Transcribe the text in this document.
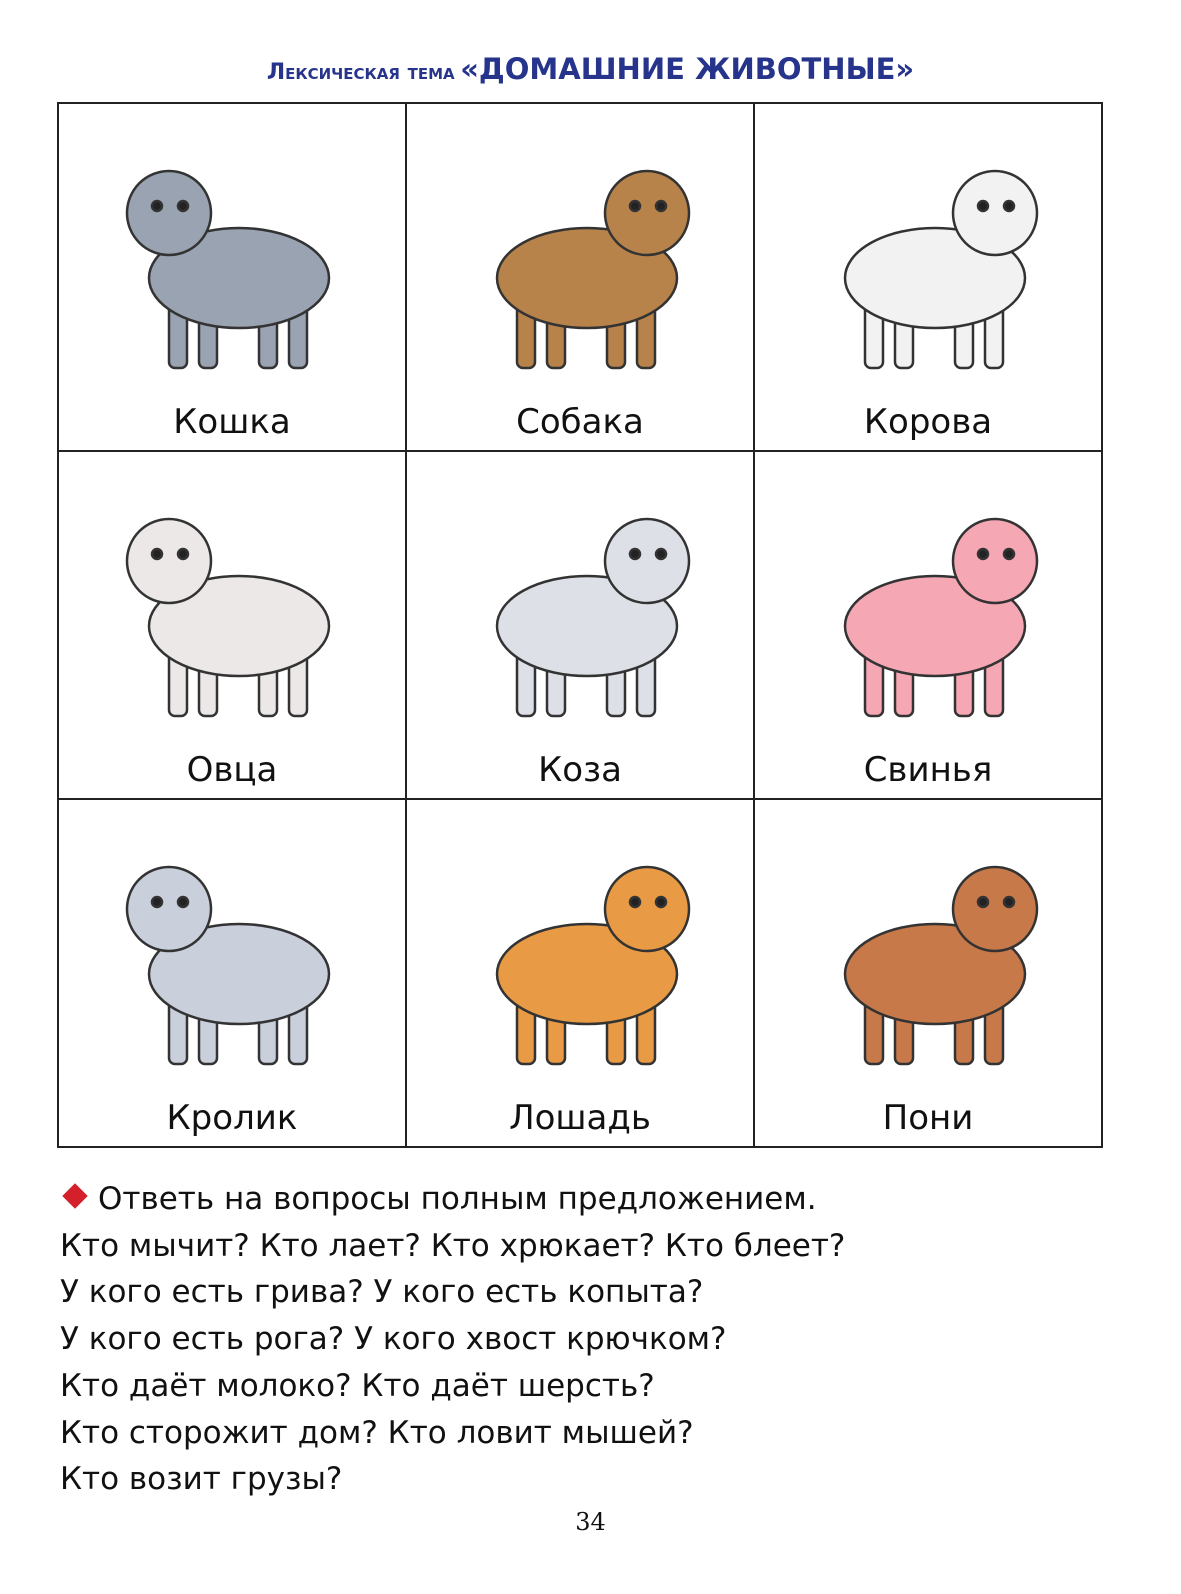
Лексическая тема «ДОМАШНИЕ ЖИВОТНЫЕ»
Кошка	Собака	Корова
Овца	Коза	Свинья
Кролик	Лошадь	Пони
Ответь на вопросы полным предложением.
Кто мычит? Кто лает? Кто хрюкает? Кто блеет?
У кого есть грива? У кого есть копыта?
У кого есть рога? У кого хвост крючком?
Кто даёт молоко? Кто даёт шерсть?
Кто сторожит дом? Кто ловит мышей?
Кто возит грузы?
34
